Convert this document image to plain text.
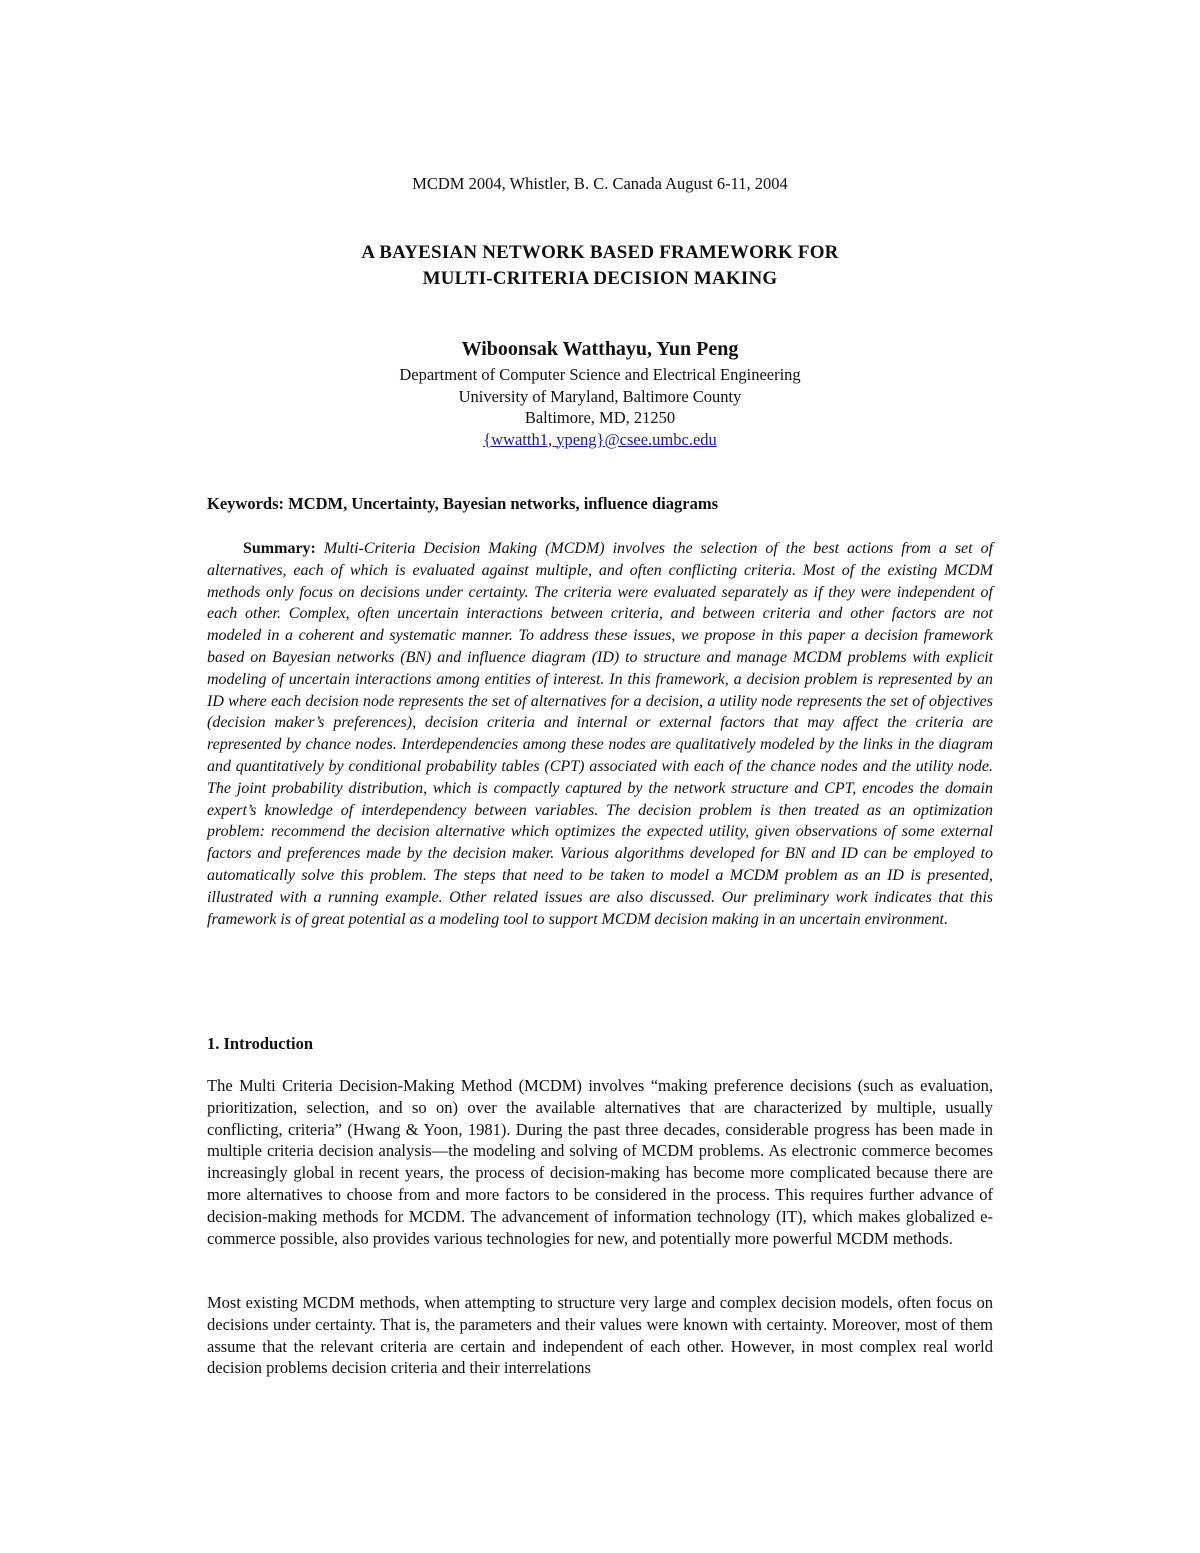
MCDM 2004, Whistler, B. C. Canada August 6-11, 2004
A BAYESIAN NETWORK BASED FRAMEWORK FOR
MULTI-CRITERIA DECISION MAKING
Wiboonsak Watthayu, Yun Peng
Department of Computer Science and Electrical Engineering
University of Maryland, Baltimore County
Baltimore, MD, 21250
{wwatth1, ypeng}@csee.umbc.edu
Keywords: MCDM, Uncertainty, Bayesian networks, influence diagrams
Summary: Multi-Criteria Decision Making (MCDM) involves the selection of the best actions from a set of alternatives, each of which is evaluated against multiple, and often conflicting criteria. Most of the existing MCDM methods only focus on decisions under certainty. The criteria were evaluated separately as if they were independent of each other. Complex, often uncertain interactions between criteria, and between criteria and other factors are not modeled in a coherent and systematic manner. To address these issues, we propose in this paper a decision framework based on Bayesian networks (BN) and influence diagram (ID) to structure and manage MCDM problems with explicit modeling of uncertain interactions among entities of interest. In this framework, a decision problem is represented by an ID where each decision node represents the set of alternatives for a decision, a utility node represents the set of objectives (decision maker’s preferences), decision criteria and internal or external factors that may affect the criteria are represented by chance nodes. Interdependencies among these nodes are qualitatively modeled by the links in the diagram and quantitatively by conditional probability tables (CPT) associated with each of the chance nodes and the utility node. The joint probability distribution, which is compactly captured by the network structure and CPT, encodes the domain expert’s knowledge of interdependency between variables. The decision problem is then treated as an optimization problem: recommend the decision alternative which optimizes the expected utility, given observations of some external factors and preferences made by the decision maker. Various algorithms developed for BN and ID can be employed to automatically solve this problem. The steps that need to be taken to model a MCDM problem as an ID is presented, illustrated with a running example. Other related issues are also discussed. Our preliminary work indicates that this framework is of great potential as a modeling tool to support MCDM decision making in an uncertain environment.
1. Introduction
The Multi Criteria Decision-Making Method (MCDM) involves “making preference decisions (such as evaluation, prioritization, selection, and so on) over the available alternatives that are characterized by multiple, usually conflicting, criteria” (Hwang & Yoon, 1981). During the past three decades, considerable progress has been made in multiple criteria decision analysis—the modeling and solving of MCDM problems. As electronic commerce becomes increasingly global in recent years, the process of decision-making has become more complicated because there are more alternatives to choose from and more factors to be considered in the process. This requires further advance of decision-making methods for MCDM. The advancement of information technology (IT), which makes globalized e-commerce possible, also provides various technologies for new, and potentially more powerful MCDM methods.
Most existing MCDM methods, when attempting to structure very large and complex decision models, often focus on decisions under certainty. That is, the parameters and their values were known with certainty. Moreover, most of them assume that the relevant criteria are certain and independent of each other. However, in most complex real world decision problems decision criteria and their interrelations
